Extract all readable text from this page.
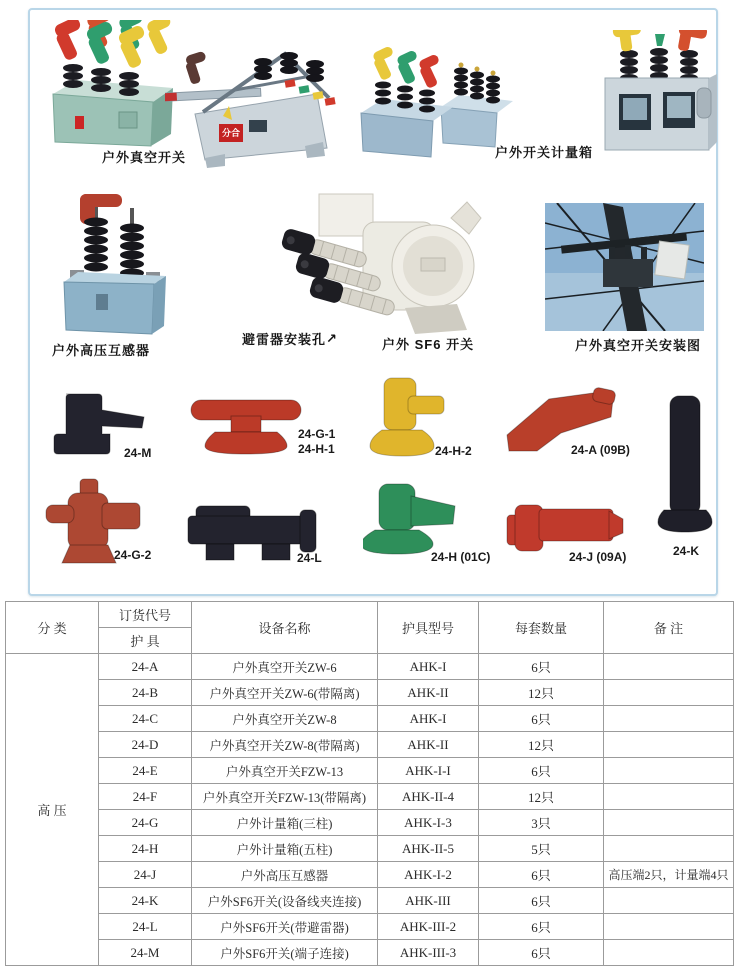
户外真空开关
分合
户外开关计量箱
户外高压互感器
避雷器安装孔↗	户外 SF6 开关	户外真空开关安装图
24-M
24-G-1
24-H-1	24-H-2	24-A (09B)
24-K
24-G-2	24-L	24-H (01C)	24-J (09A)
分 类	订货代号	设备名称	护具型号	每套数量	备 注
	护 具				
高 压	24-A	户外真空开关ZW-6	AHK-I	6只	
	24-B	户外真空开关ZW-6(带隔离)	AHK-II	12只	
	24-C	户外真空开关ZW-8	AHK-I	6只	
	24-D	户外真空开关ZW-8(带隔离)	AHK-II	12只	
	24-E	户外真空开关FZW-13	AHK-I-I	6只	
	24-F	户外真空开关FZW-13(带隔离)	AHK-II-4	12只	
	24-G	户外计量箱(三柱)	AHK-I-3	3只	
	24-H	户外计量箱(五柱)	AHK-II-5	5只	
	24-J	户外高压互感器	AHK-I-2	6只	高压端2只，计量端4只
	24-K	户外SF6开关(设备线夹连接)	AHK-III	6只	
	24-L	户外SF6开关(带避雷器)	AHK-III-2	6只	
	24-M	户外SF6开关(端子连接)	AHK-III-3	6只	
